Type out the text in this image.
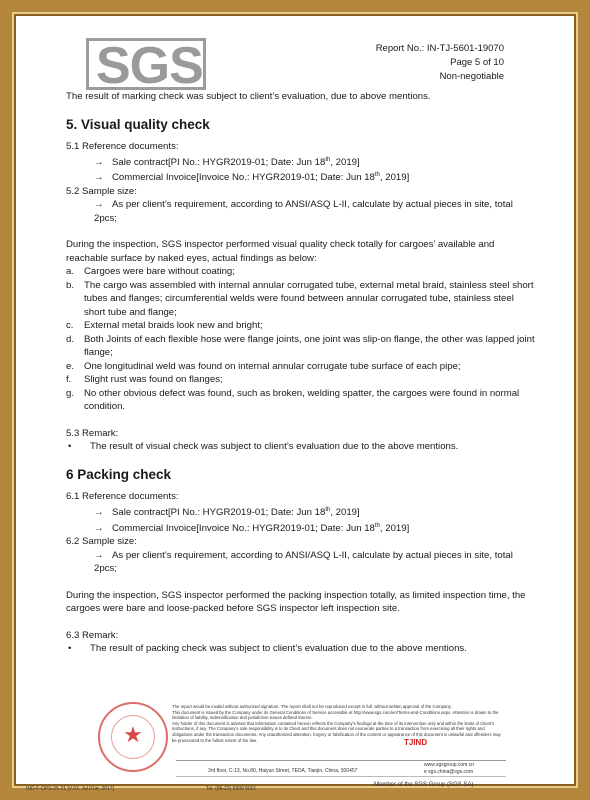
SGS	Report No.: IN-TJ-5601-19070
Page 5 of 10
Non-negotiable

The result of marking check was subject to client’s evaluation, due to above mentions.

5. Visual quality check

5.1 Reference documents:

→ Sale contract[PI No.: HYGR2019-01; Date: Jun 18th, 2019]

→ Commercial Invoice[Invoice No.: HYGR2019-01; Date: Jun 18th, 2019]

5.2 Sample size:

→ As per client’s requirement, according to ANSI/ASQ L-II, calculate by actual pieces in site, total 2pcs;

During the inspection, SGS inspector performed visual quality check totally for cargoes’ available and reachable surface by naked eyes, actual findings as below:

a.	Cargoes were bare without coating;
b.	The cargo was assembled with internal annular corrugated tube, external metal braid, stainless steel short tubes and flanges; circumferential welds were found between annular corrugated tube, stainless steel short tube and flange;
c.	External metal braids look new and bright;
d.	Both Joints of each flexible hose were flange joints, one joint was slip-on flange, the other was lapped joint flange;
e.	One longitudinal weld was found on internal annular corrugate tube surface of each pipe;
f.	Slight rust was found on flanges;
g.	No other obvious defect was found, such as broken, welding spatter, the cargoes were found in normal condition.

5.3 Remark:

•	The result of visual check was subject to client’s evaluation due to the above mentions.
6 Packing check

6.1 Reference documents:

→ Sale contract[PI No.: HYGR2019-01; Date: Jun 18th, 2019]

→ Commercial Invoice[Invoice No.: HYGR2019-01; Date: Jun 18th, 2019]

6.2 Sample size:

→ As per client’s requirement, according to ANSI/ASQ L-II, calculate by actual pieces in site, total 2pcs;

During the inspection, SGS inspector performed the packing inspection totally, as limited inspection time, the cargoes were bare and loose-packed before SGS inspector left inspection site.

6.3 Remark:

•	The result of packing check was subject to client’s evaluation due to the above mentions.
★
The report would be invalid without authorized signature. The report shall not be reproduced except in full, without written approval of the Company.
This document is issued by the Company under its General Conditions of Service accessible at http://www.sgs.com/en/Terms-and-Conditions.aspx. Attention is drawn to the limitation of liability, indemnification and jurisdiction issues defined therein.
Any holder of this document is advised that information contained hereon reflects the Company’s findings at the time of its intervention only and within the limits of Client’s instructions, if any. The Company’s sole responsibility is to its Client and this document does not exonerate parties to a transaction from exercising all their rights and obligations under the transaction documents. Any unauthorized alteration, forgery or falsification of the content or appearance of this document is unlawful and offenders may be prosecuted to the fullest extent of the law.	TJIND
3rd floor, C-13, No.80, Haiyun Street, TEDA, Tianjin, China, 300457
www.sgsgroup.com.cn
e sgs.china@sgs.com
IND-F-OPS-05-21 [V.03, Jul.01st, 2017]	Tel: (86-22) 5999 5001
Member of the SGS Group (SGS SA)
